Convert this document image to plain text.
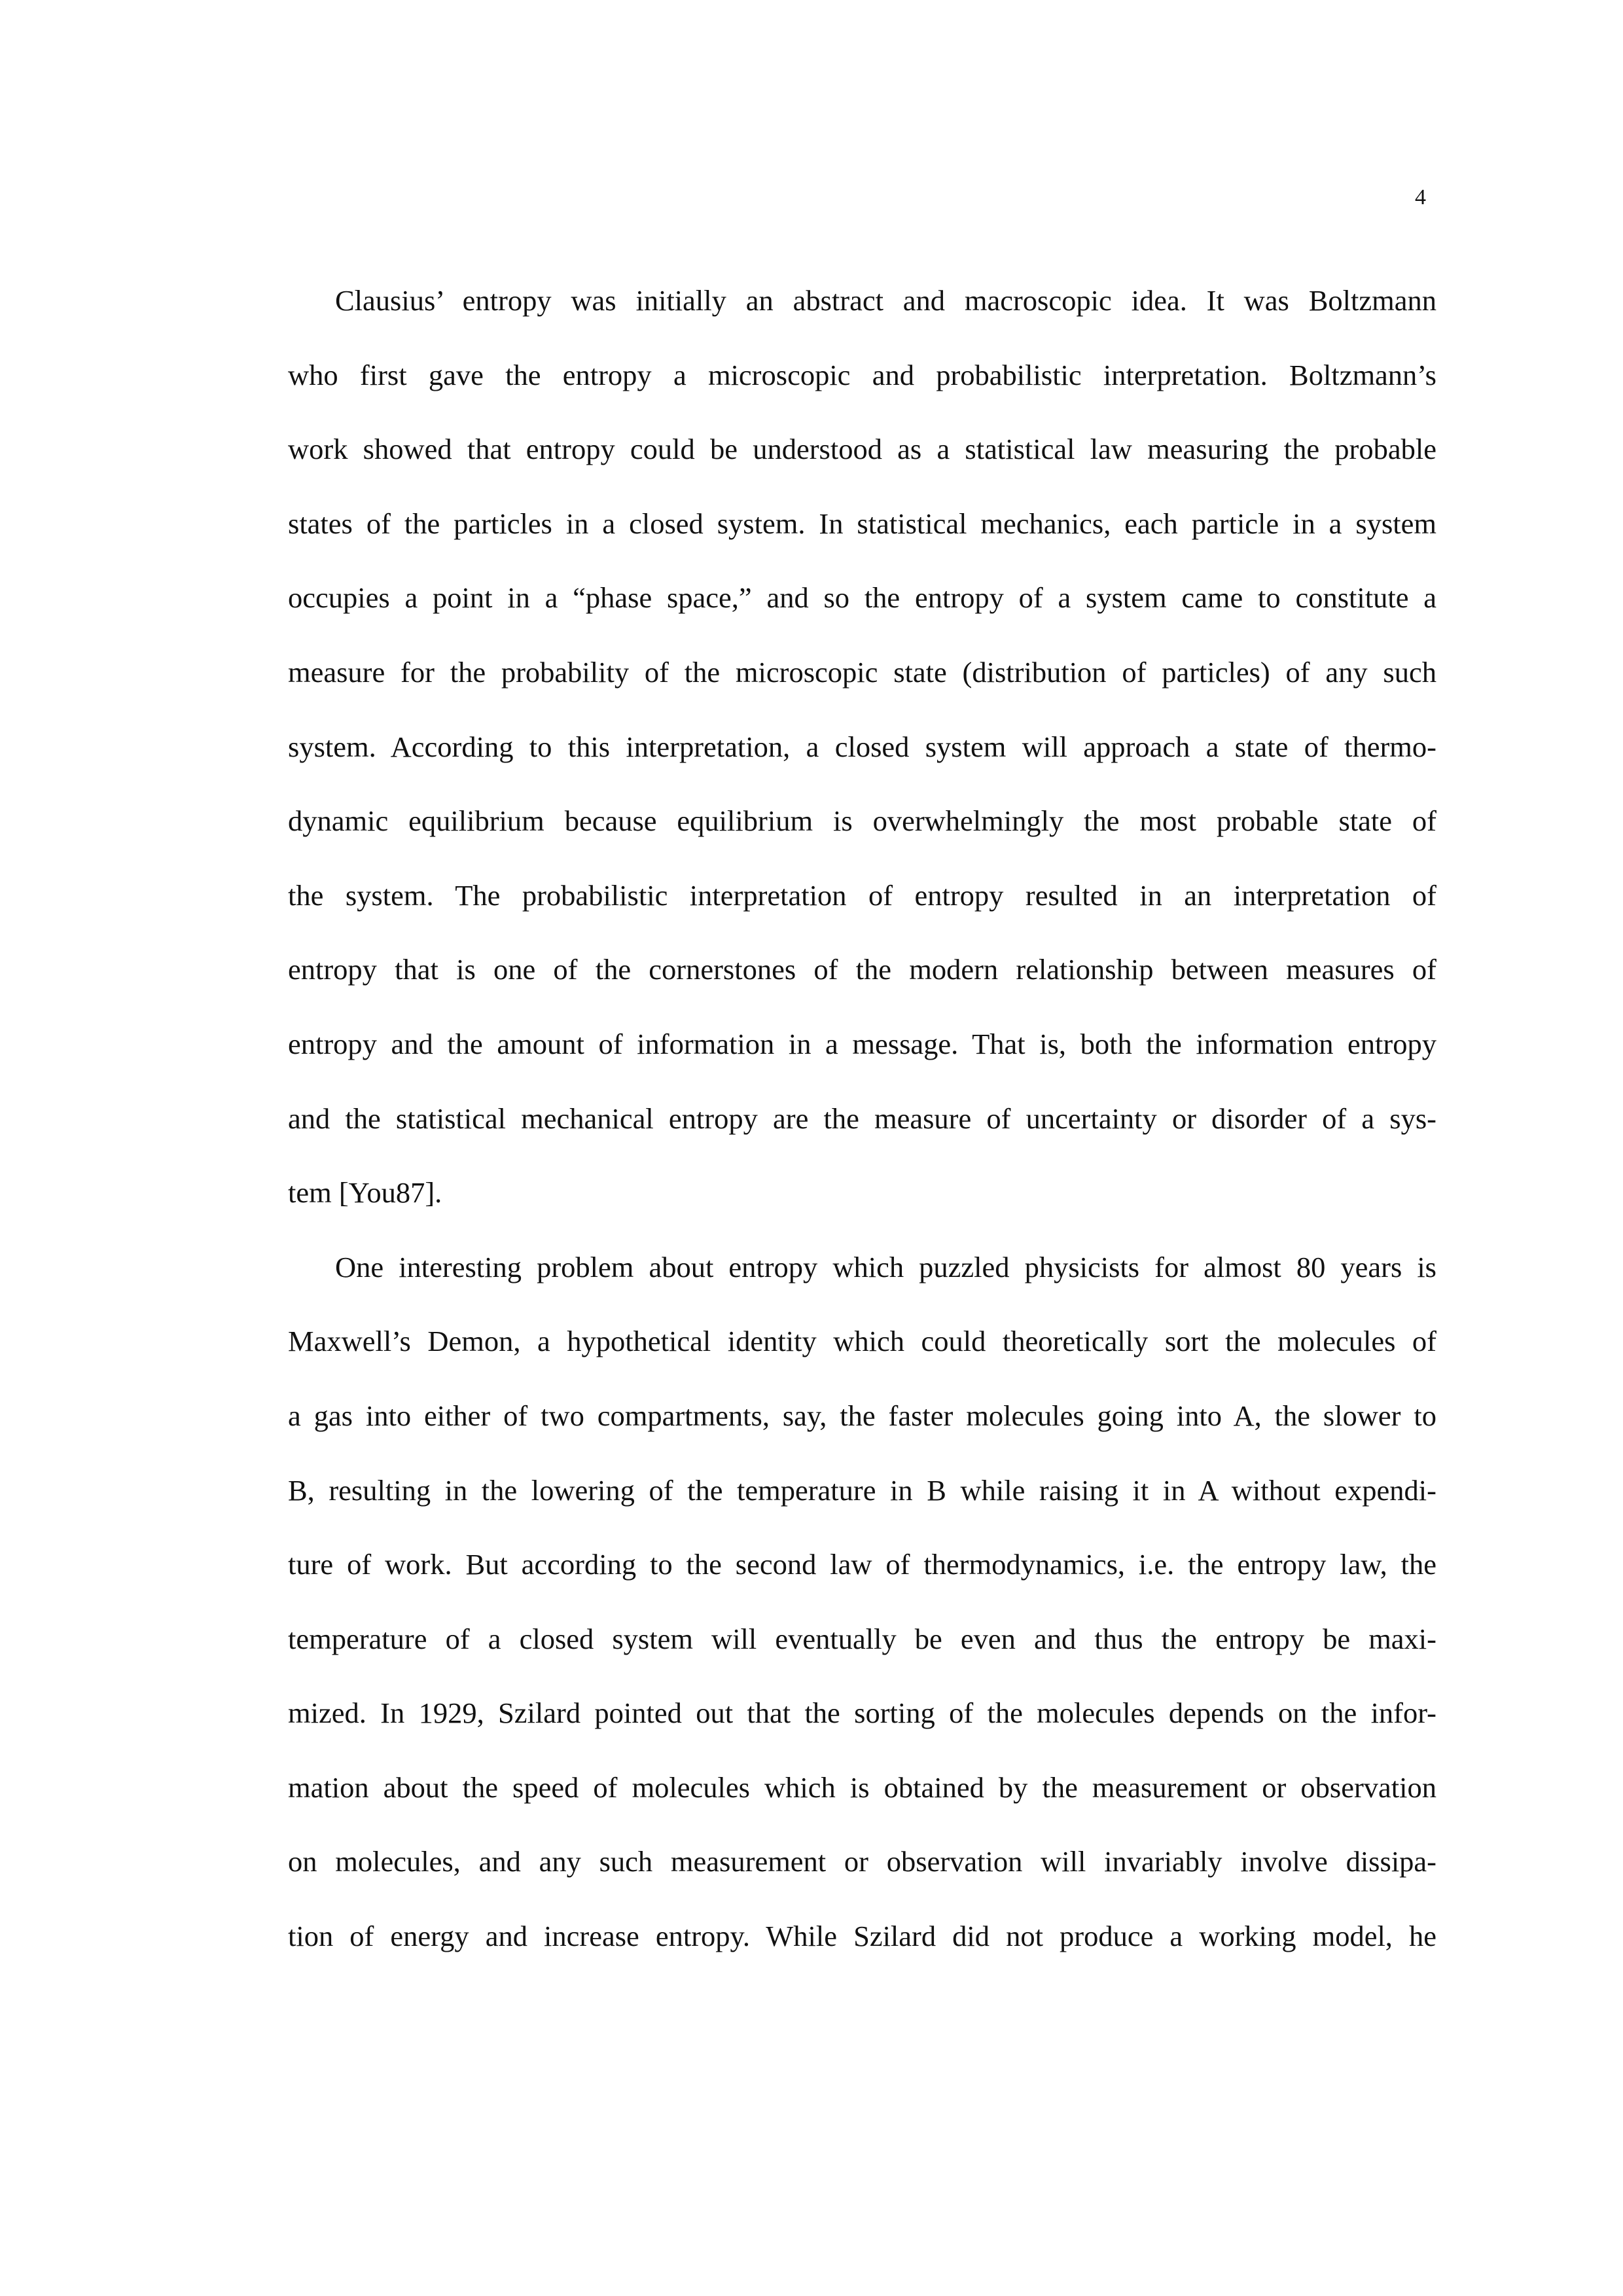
4
Clausius’ entropy was initially an abstract and macroscopic idea. It was Boltzmann
who first gave the entropy a microscopic and probabilistic interpretation. Boltzmann’s
work showed that entropy could be understood as a statistical law measuring the probable
states of the particles in a closed system. In statistical mechanics, each particle in a system
occupies a point in a “phase space,” and so the entropy of a system came to constitute a
measure for the probability of the microscopic state (distribution of particles) of any such
system. According to this interpretation, a closed system will approach a state of thermo-
dynamic equilibrium because equilibrium is overwhelmingly the most probable state of
the system. The probabilistic interpretation of entropy resulted in an interpretation of
entropy that is one of the cornerstones of the modern relationship between measures of
entropy and the amount of information in a message. That is, both the information entropy
and the statistical mechanical entropy are the measure of uncertainty or disorder of a sys-
tem [You87].
One interesting problem about entropy which puzzled physicists for almost 80 years is
Maxwell’s Demon, a hypothetical identity which could theoretically sort the molecules of
a gas into either of two compartments, say, the faster molecules going into A, the slower to
B, resulting in the lowering of the temperature in B while raising it in A without expendi-
ture of work. But according to the second law of thermodynamics, i.e. the entropy law, the
temperature of a closed system will eventually be even and thus the entropy be maxi-
mized. In 1929, Szilard pointed out that the sorting of the molecules depends on the infor-
mation about the speed of molecules which is obtained by the measurement or observation
on molecules, and any such measurement or observation will invariably involve dissipa-
tion of energy and increase entropy. While Szilard did not produce a working model, he
